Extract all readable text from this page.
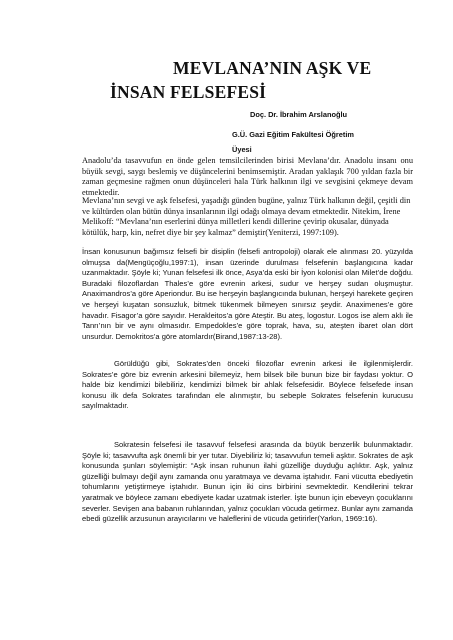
MEVLANA’NIN AŞK VE
İNSAN FELSEFESİ
Doç. Dr. İbrahim Arslanoğlu
G.Ü. Gazi Eğitim Fakültesi Öğretim
Üyesi

Anadolu’da tasavvufun en önde gelen temsilcilerinden birisi Mevlana’dır. Anadolu insanı onu büyük sevgi, saygı beslemiş ve düşüncelerini benimsemiştir. Aradan yaklaşık 700 yıldan fazla bir zaman geçmesine rağmen onun düşünceleri hala Türk halkının ilgi ve sevgisini çekmeye devam etmektedir.

Mevlana’nın sevgi ve aşk felsefesi, yaşadığı günden bugüne, yalnız Türk halkının değil, çeşitli din ve kültürden olan bütün dünya insanlarının ilgi odağı olmaya devam etmektedir. Nitekim, İrene Melikoff: “Mevlana’nın eserlerini dünya milletleri kendi dillerine çevirip okusalar, dünyada kötülük, harp, kin, nefret diye bir şey kalmaz” demiştir(Yeniterzi, 1997:109).

İnsan konusunun bağımsız felsefi bir disiplin (felsefi antropoloji) olarak ele alınması 20. yüzyılda olmuşsa da(Mengüçoğlu,1997:1), insan üzerinde durulması felsefenin başlangıcına kadar uzanmaktadır. Şöyle ki; Yunan felsefesi ilk önce, Asya’da eski bir İyon kolonisi olan Milet’de doğdu. Buradaki filozoflardan Thales’e göre evrenin arkesi, sudur ve herşey sudan oluşmuştur. Anaximandros’a göre Aperiondur. Bu ise herşeyin başlangıcında bulunan, herşeyi harekete geçiren ve herşeyi kuşatan sonsuzluk, bitmek tükenmek bilmeyen sınırsız şeydir. Anaximenes’e göre havadır. Fisagor’a göre sayıdır. Herakleitos’a göre Ateştir. Bu ateş, logostur. Logos ise alem aklı ile Tanrı’nın bir ve aynı olmasıdır. Empedokles’e göre toprak, hava, su, ateşten ibaret olan dört unsurdur. Demokritos’a göre atomlardır(Birand,1987:13-28).

Görüldüğü gibi, Sokrates’den önceki filozoflar evrenin arkesi ile ilgilenmişlerdir. Sokrates’e göre biz evrenin arkesini bilemeyiz, hem bilsek bile bunun bize bir faydası yoktur. O halde biz kendimizi bilebiliriz, kendimizi bilmek bir ahlak felsefesidir. Böylece felsefede insan konusu ilk defa Sokrates tarafından ele alınmıştır, bu sebeple Sokrates felsefenin kurucusu sayılmaktadır.

Sokratesin felsefesi ile tasavvuf felsefesi arasında da büyük benzerlik bulunmaktadır. Şöyle ki; tasavvufta aşk önemli bir yer tutar. Diyebiliriz ki; tasavvufun temeli aşktır. Sokrates de aşk konusunda şunları söylemiştir: “Aşk insan ruhunun ilahi güzelliğe duyduğu açlıktır. Aşk, yalnız güzelliği bulmayı değil aynı zamanda onu yaratmaya ve devama iştahıdır. Fani vücutta ebediyetin tohumlarını yetiştirmeye iştahıdır. Bunun için iki cins birbirini sevmektedir. Kendilerini tekrar yaratmak ve böylece zamanı ebediyete kadar uzatmak isterler. İşte bunun için ebeveyn çocuklarını severler. Sevişen ana babanın ruhlarından, yalnız çocukları vücuda getirmez. Bunlar aynı zamanda ebedi güzellik arzusunun arayıcılarını ve haleflerini de vücuda getirirler(Yarkın, 1969:16).
